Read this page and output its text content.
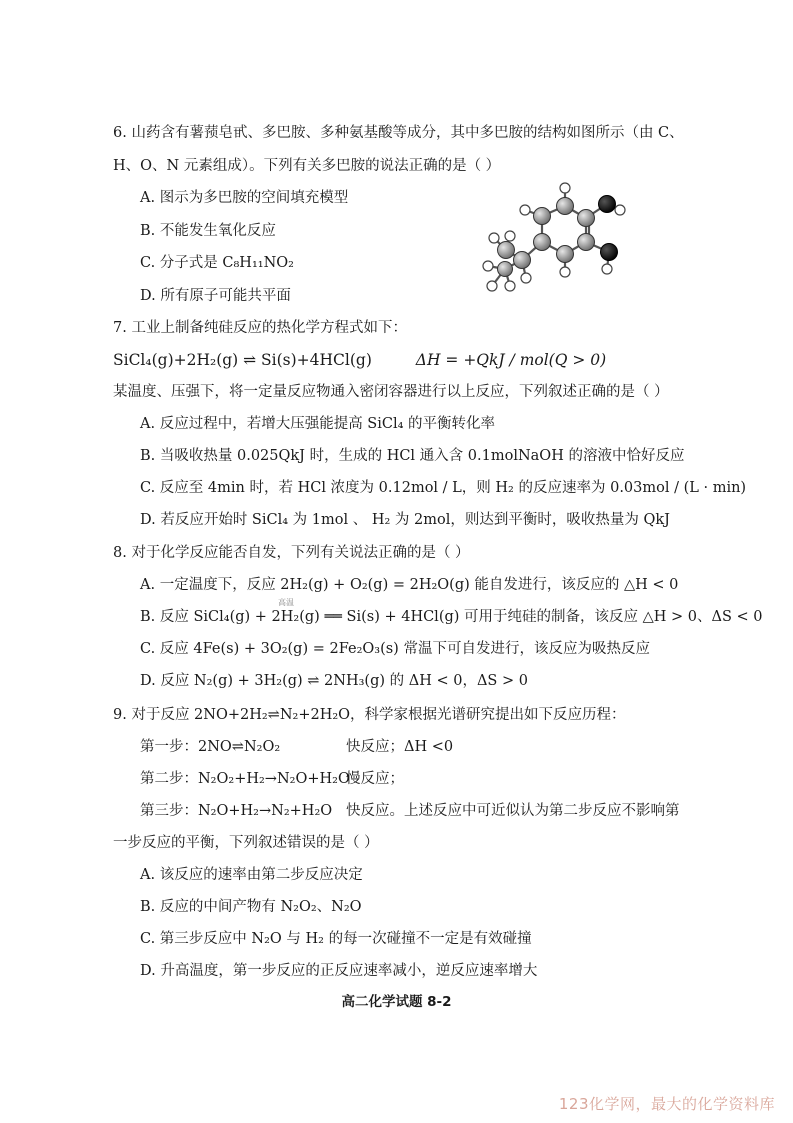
6. 山药含有薯蓣皂甙、多巴胺、多种氨基酸等成分，其中多巴胺的结构如图所示（由 C、
H、O、N 元素组成）。下列有关多巴胺的说法正确的是（ ）
A. 图示为多巴胺的空间填充模型
B. 不能发生氧化反应
C. 分子式是 C₈H₁₁NO₂
D. 所有原子可能共平面
7. 工业上制备纯硅反应的热化学方程式如下：
SiCl₄(g)+2H₂(g) ⇌ Si(s)+4HCl(g)	ΔH = +QkJ / mol(Q > 0)
某温度、压强下，将一定量反应物通入密闭容器进行以上反应，下列叙述正确的是（ ）
A. 反应过程中，若增大压强能提高 SiCl₄ 的平衡转化率
B. 当吸收热量 0.025QkJ 时，生成的 HCl 通入含 0.1molNaOH 的溶液中恰好反应
C. 反应至 4min 时，若 HCl 浓度为 0.12mol / L，则 H₂ 的反应速率为 0.03mol / (L · min)
D. 若反应开始时 SiCl₄ 为 1mol 、 H₂ 为 2mol，则达到平衡时，吸收热量为 QkJ
8. 对于化学反应能否自发，下列有关说法正确的是（ ）
A. 一定温度下，反应 2H₂(g) + O₂(g) = 2H₂O(g) 能自发进行，该反应的 △H < 0
B. 反应 SiCl₄(g) + 2H₂(g) ══ Si(s) + 4HCl(g) 可用于纯硅的制备，该反应 △H > 0、ΔS < 0
高温
C. 反应 4Fe(s) + 3O₂(g) = 2Fe₂O₃(s) 常温下可自发进行，该反应为吸热反应
D. 反应 N₂(g) + 3H₂(g) ⇌ 2NH₃(g) 的 ΔH < 0，ΔS > 0
9. 对于反应 2NO+2H₂⇌N₂+2H₂O，科学家根据光谱研究提出如下反应历程：
第一步：2NO⇌N₂O₂	快反应；ΔH <0
第二步：N₂O₂+H₂→N₂O+H₂O
慢反应；
第三步：N₂O+H₂→N₂+H₂O 快反应。上述反应中可近似认为第二步反应不影响第
一步反应的平衡，下列叙述错误的是（ ）
A. 该反应的速率由第二步反应决定
B. 反应的中间产物有 N₂O₂、N₂O
C. 第三步反应中 N₂O 与 H₂ 的每一次碰撞不一定是有效碰撞
D. 升高温度，第一步反应的正反应速率减小，逆反应速率增大
高二化学试题 8-2
123化学网，最大的化学资料库
